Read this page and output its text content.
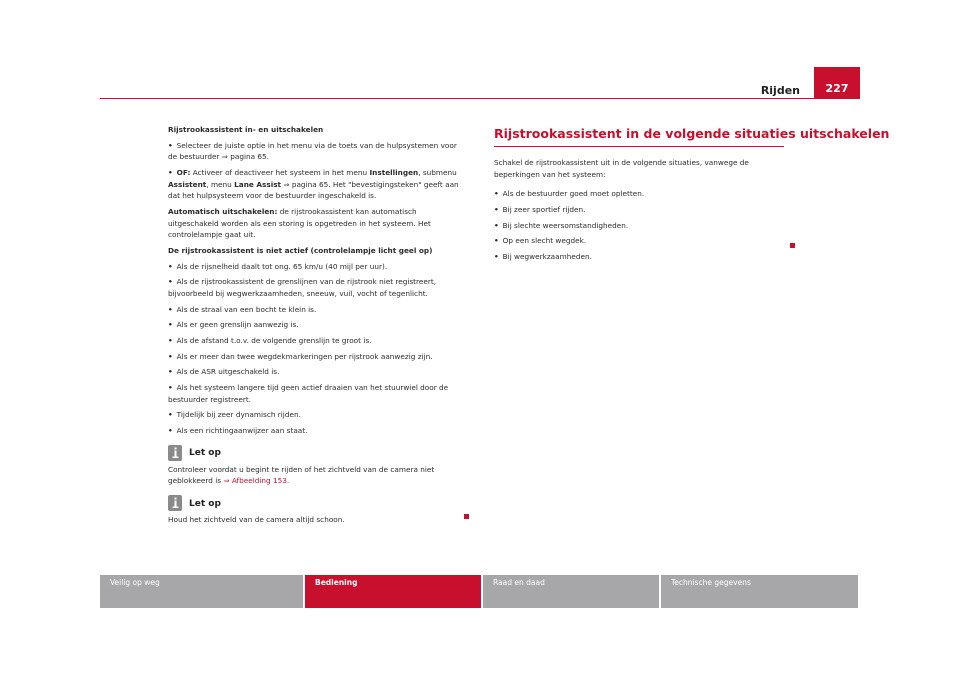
Rijden	227

Rijstrookassistent in- en uitschakelen

• Selecteer de juiste optie in het menu via de toets van de hulpsystemen voor de bestuurder ⇒ pagina 65.

• OF: Activeer of deactiveer het systeem in het menu Instellingen, submenu Assistent, menu Lane Assist ⇒ pagina 65. Het "bevestigingsteken" geeft aan dat het hulpsysteem voor de bestuurder ingeschakeld is.

Automatisch uitschakelen: de rijstrookassistent kan automatisch uitgeschakeld worden als een storing is opgetreden in het systeem. Het controlelampje gaat uit.

De rijstrookassistent is niet actief (controlelampje licht geel op)

• Als de rijsnelheid daalt tot ong. 65 km/u (40 mijl per uur).

• Als de rijstrookassistent de grenslijnen van de rijstrook niet registreert, bijvoorbeeld bij wegwerkzaamheden, sneeuw, vuil, vocht of tegenlicht.

• Als de straal van een bocht te klein is.

• Als er geen grenslijn aanwezig is.

• Als de afstand t.o.v. de volgende grenslijn te groot is.

• Als er meer dan twee wegdekmarkeringen per rijstrook aanwezig zijn.

• Als de ASR uitgeschakeld is.

• Als het systeem langere tijd geen actief draaien van het stuurwiel door de bestuurder registreert.

• Tijdelijk bij zeer dynamisch rijden.

• Als een richtingaanwijzer aan staat.

Let op

Controleer voordat u begint te rijden of het zichtveld van de camera niet geblokkeerd is ⇒ Afbeelding 153.

Let op

Houd het zichtveld van de camera altijd schoon.

Rijstrookassistent in de volgende situaties uitschakelen

Schakel de rijstrookassistent uit in de volgende situaties, vanwege de beperkingen van het systeem:

• Als de bestuurder goed moet opletten.

• Bij zeer sportief rijden.

• Bij slechte weersomstandigheden.

• Op een slecht wegdek.

• Bij wegwerkzaamheden.

Veilig op weg	Bediening	Raad en daad	Technische gegevens
